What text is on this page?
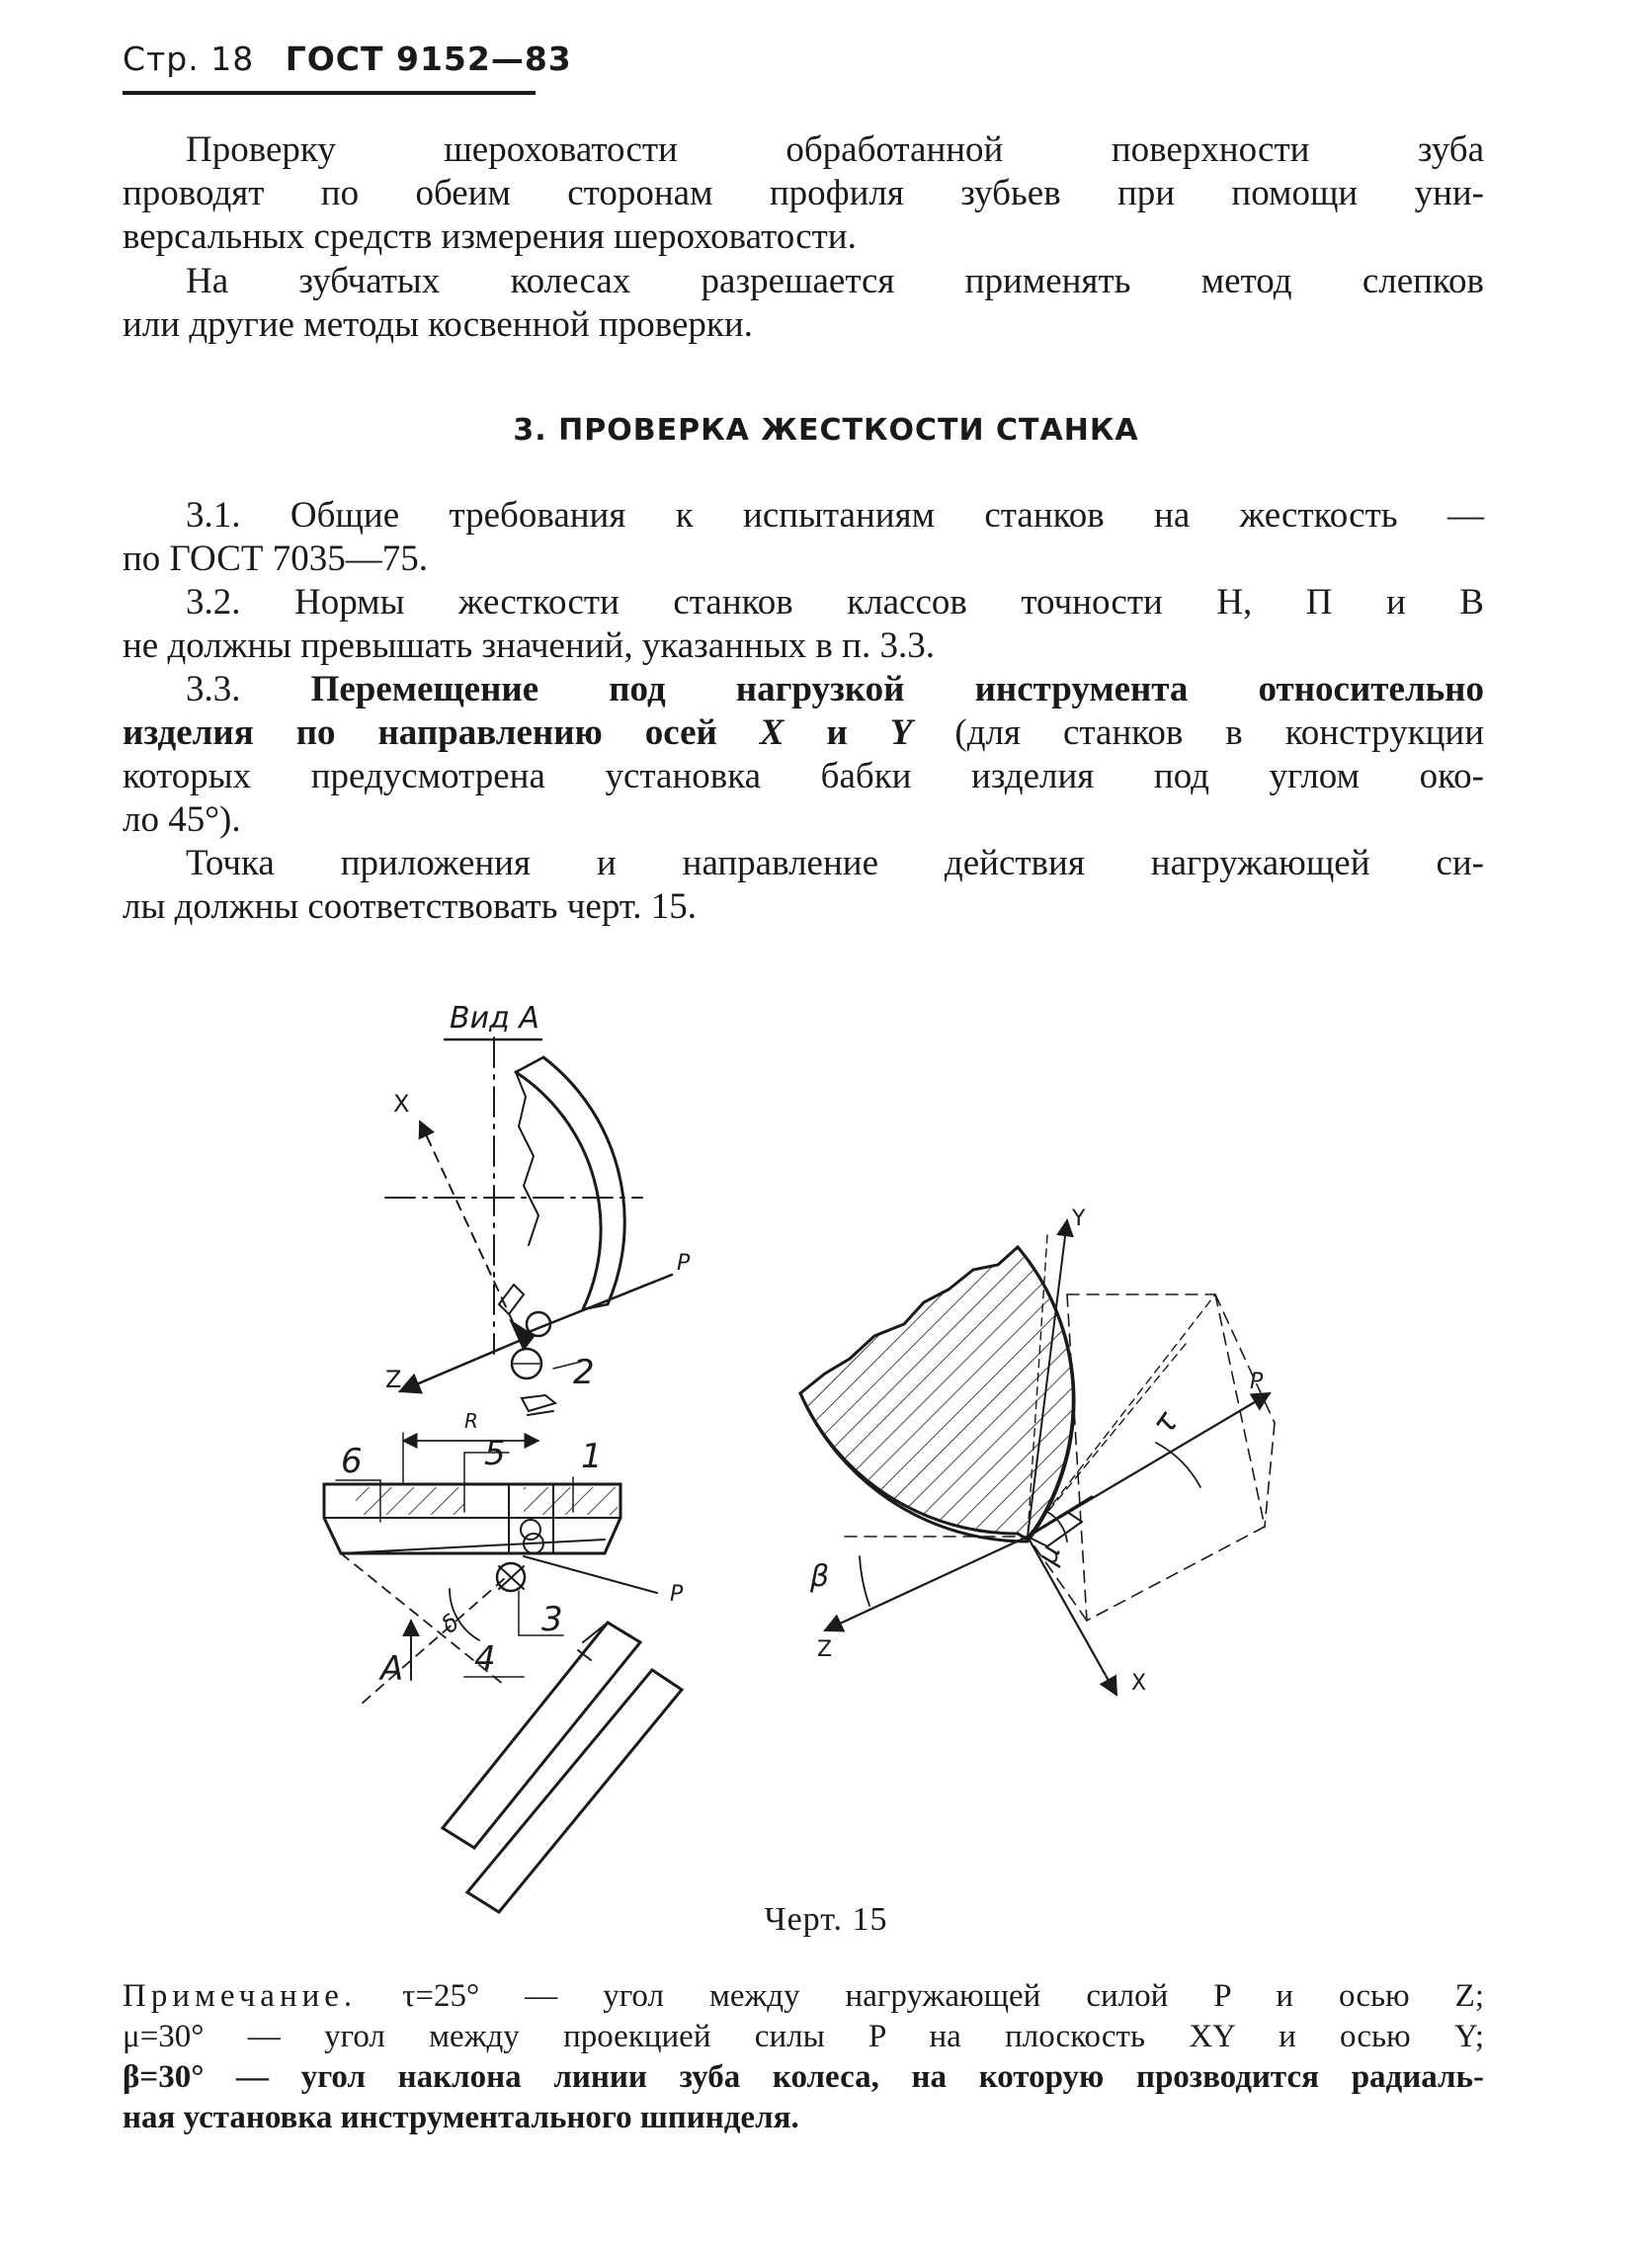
Стр. 18 ГОСТ 9152—83
Проверку шероховатости обработанной поверхности зуба
проводят по обеим сторонам профиля зубьев при помощи уни-
версальных средств измерения шероховатости.
На зубчатых колесах разрешается применять метод слепков
или другие методы косвенной проверки.
3. ПРОВЕРКА ЖЕСТКОСТИ СТАНКА
3.1. Общие требования к испытаниям станков на жесткость —
по ГОСТ 7035—75.
3.2. Нормы жесткости станков классов точности Н, П и В
не должны превышать значений, указанных в п. 3.3.
3.3. Перемещение под нагрузкой инструмента относительно
изделия по направлению осей X и Y (для станков в конструкции
которых предусмотрена установка бабки изделия под углом око-
ло 45°).
Точка приложения и направление действия нагружающей си-
лы должны соответствовать черт. 15.
Вид А
X
P
Z	2
R
6	5 1
3
P
δ
A 4
Y
X
Z
P
τ
μ
β
Черт. 15
Примечание. τ=25° — угол между нагружающей силой P и осью Z;
μ=30° — угол между проекцией силы P на плоскость XY и осью Y;
β=30° — угол наклона линии зуба колеса, на которую прозводится радиаль-
ная установка инструментального шпинделя.
